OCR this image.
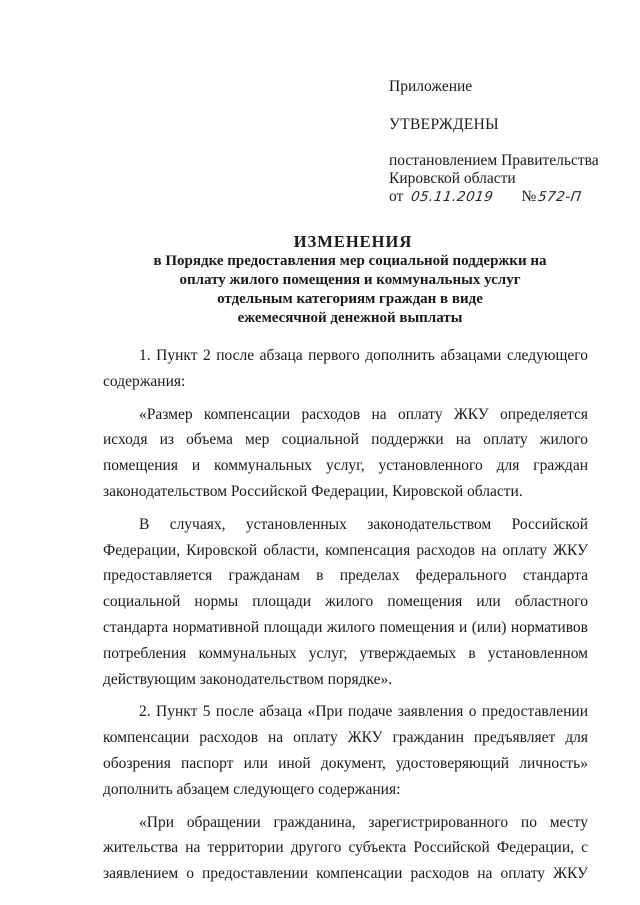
Приложение
УТВЕРЖДЕНЫ
постановлением Правительства
Кировской области
от 05.11.2019 №572-П
ИЗМЕНЕНИЯ
в Порядке предоставления мер социальной поддержки на
оплату жилого помещения и коммунальных услуг
отдельным категориям граждан в виде
ежемесячной денежной выплаты

1. Пункт 2 после абзаца первого дополнить абзацами следующего содержания:

«Размер компенсации расходов на оплату ЖКУ определяется исходя из объема мер социальной поддержки на оплату жилого помещения и коммунальных услуг, установленного для граждан законодательством Российской Федерации, Кировской области.

В случаях, установленных законодательством Российской Федерации, Кировской области, компенсация расходов на оплату ЖКУ предоставляется гражданам в пределах федерального стандарта социальной нормы площади жилого помещения или областного стандарта нормативной площади жилого помещения и (или) нормативов потребления коммунальных услуг, утверждаемых в установленном действующим законодательством порядке».

2. Пункт 5 после абзаца «При подаче заявления о предоставлении компенсации расходов на оплату ЖКУ гражданин предъявляет для обозрения паспорт или иной документ, удостоверяющий личность» дополнить абзацем следующего содержания:

«При обращении гражданина, зарегистрированного по месту жительства на территории другого субъекта Российской Федерации, с заявлением о предоставлении компенсации расходов на оплату ЖКУ
